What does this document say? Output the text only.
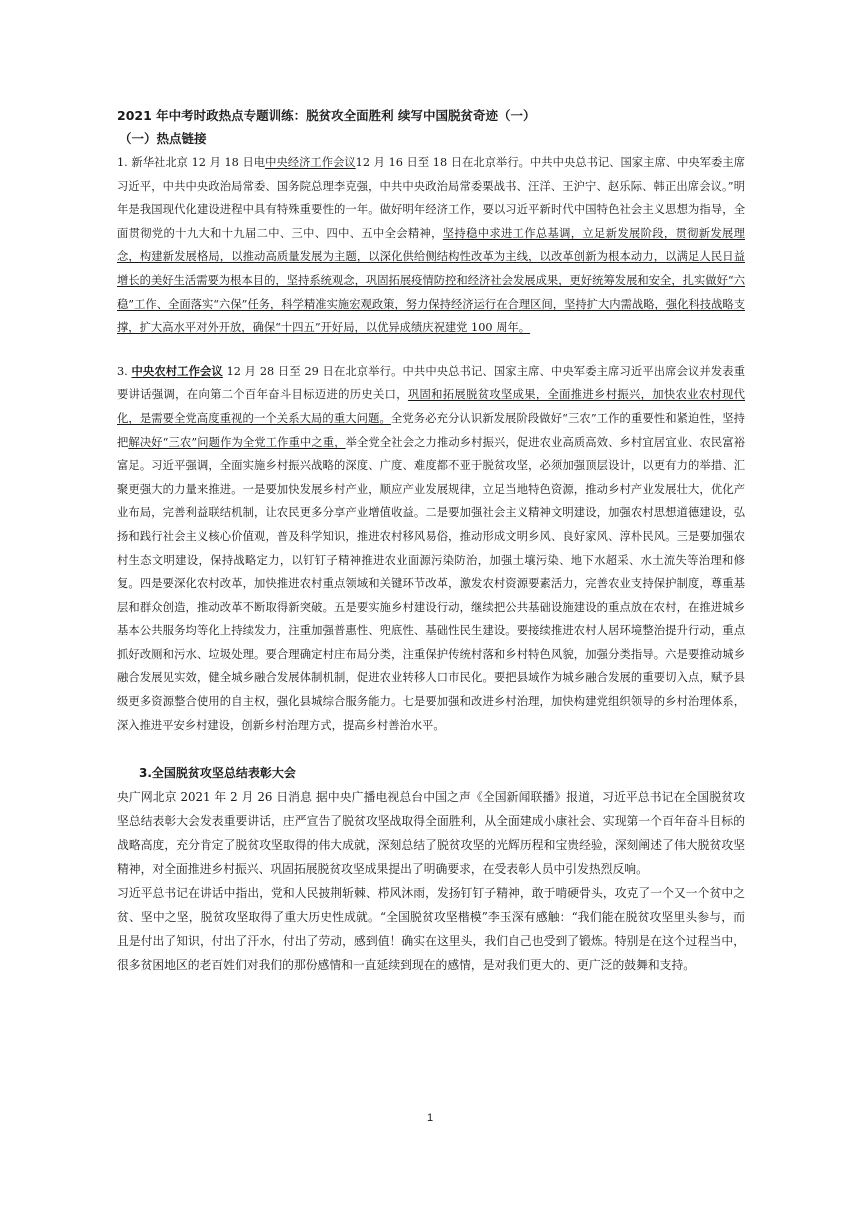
2021 年中考时政热点专题训练：脱贫攻全面胜利 续写中国脱贫奇迹（一）
（一）热点链接

1. 新华社北京 12 月 18 日电中央经济工作会议12 月 16 日至 18 日在北京举行。中共中央总书记、国家主席、中央军委主席习近平，中共中央政治局常委、国务院总理李克强，中共中央政治局常委栗战书、汪洋、王沪宁、赵乐际、韩正出席会议。”明年是我国现代化建设进程中具有特殊重要性的一年。做好明年经济工作，要以习近平新时代中国特色社会主义思想为指导，全面贯彻党的十九大和十九届二中、三中、四中、五中全会精神，坚持稳中求进工作总基调，立足新发展阶段，贯彻新发展理念，构建新发展格局，以推动高质量发展为主题，以深化供给侧结构性改革为主线，以改革创新为根本动力，以满足人民日益增长的美好生活需要为根本目的，坚持系统观念，巩固拓展疫情防控和经济社会发展成果，更好统筹发展和安全，扎实做好“六稳”工作、全面落实“六保”任务，科学精准实施宏观政策，努力保持经济运行在合理区间，坚持扩大内需战略，强化科技战略支撑，扩大高水平对外开放，确保“十四五”开好局，以优异成绩庆祝建党 100 周年。

3. 中央农村工作会议 12 月 28 日至 29 日在北京举行。中共中央总书记、国家主席、中央军委主席习近平出席会议并发表重要讲话强调，在向第二个百年奋斗目标迈进的历史关口，巩固和拓展脱贫攻坚成果，全面推进乡村振兴，加快农业农村现代化，是需要全党高度重视的一个关系大局的重大问题。全党务必充分认识新发展阶段做好“三农”工作的重要性和紧迫性，坚持把解决好“三农”问题作为全党工作重中之重，举全党全社会之力推动乡村振兴，促进农业高质高效、乡村宜居宜业、农民富裕富足。习近平强调，全面实施乡村振兴战略的深度、广度、难度都不亚于脱贫攻坚，必须加强顶层设计，以更有力的举措、汇聚更强大的力量来推进。一是要加快发展乡村产业，顺应产业发展规律，立足当地特色资源，推动乡村产业发展壮大，优化产业布局，完善利益联结机制，让农民更多分享产业增值收益。二是要加强社会主义精神文明建设，加强农村思想道德建设，弘扬和践行社会主义核心价值观，普及科学知识，推进农村移风易俗，推动形成文明乡风、良好家风、淳朴民风。三是要加强农村生态文明建设，保持战略定力，以钉钉子精神推进农业面源污染防治，加强土壤污染、地下水超采、水土流失等治理和修复。四是要深化农村改革，加快推进农村重点领域和关键环节改革，激发农村资源要素活力，完善农业支持保护制度，尊重基层和群众创造，推动改革不断取得新突破。五是要实施乡村建设行动，继续把公共基础设施建设的重点放在农村，在推进城乡基本公共服务均等化上持续发力，注重加强普惠性、兜底性、基础性民生建设。要接续推进农村人居环境整治提升行动，重点抓好改厕和污水、垃圾处理。要合理确定村庄布局分类，注重保护传统村落和乡村特色风貌，加强分类指导。六是要推动城乡融合发展见实效，健全城乡融合发展体制机制，促进农业转移人口市民化。要把县域作为城乡融合发展的重要切入点，赋予县级更多资源整合使用的自主权，强化县城综合服务能力。七是要加强和改进乡村治理，加快构建党组织领导的乡村治理体系，深入推进平安乡村建设，创新乡村治理方式，提高乡村善治水平。

3.全国脱贫攻坚总结表彰大会

央广网北京 2021 年 2 月 26 日消息 据中央广播电视总台中国之声《全国新闻联播》报道，习近平总书记在全国脱贫攻坚总结表彰大会发表重要讲话，庄严宣告了脱贫攻坚战取得全面胜利，从全面建成小康社会、实现第一个百年奋斗目标的战略高度，充分肯定了脱贫攻坚取得的伟大成就，深刻总结了脱贫攻坚的光辉历程和宝贵经验，深刻阐述了伟大脱贫攻坚精神，对全面推进乡村振兴、巩固拓展脱贫攻坚成果提出了明确要求，在受表彰人员中引发热烈反响。

习近平总书记在讲话中指出，党和人民披荆斩棘、栉风沐雨，发扬钉钉子精神，敢于啃硬骨头，攻克了一个又一个贫中之贫、坚中之坚，脱贫攻坚取得了重大历史性成就。“全国脱贫攻坚楷模”李玉深有感触：“我们能在脱贫攻坚里头参与，而且是付出了知识，付出了汗水，付出了劳动，感到值！确实在这里头，我们自己也受到了锻炼。特别是在这个过程当中，很多贫困地区的老百姓们对我们的那份感情和一直延续到现在的感情，是对我们更大的、更广泛的鼓舞和支持。

1
